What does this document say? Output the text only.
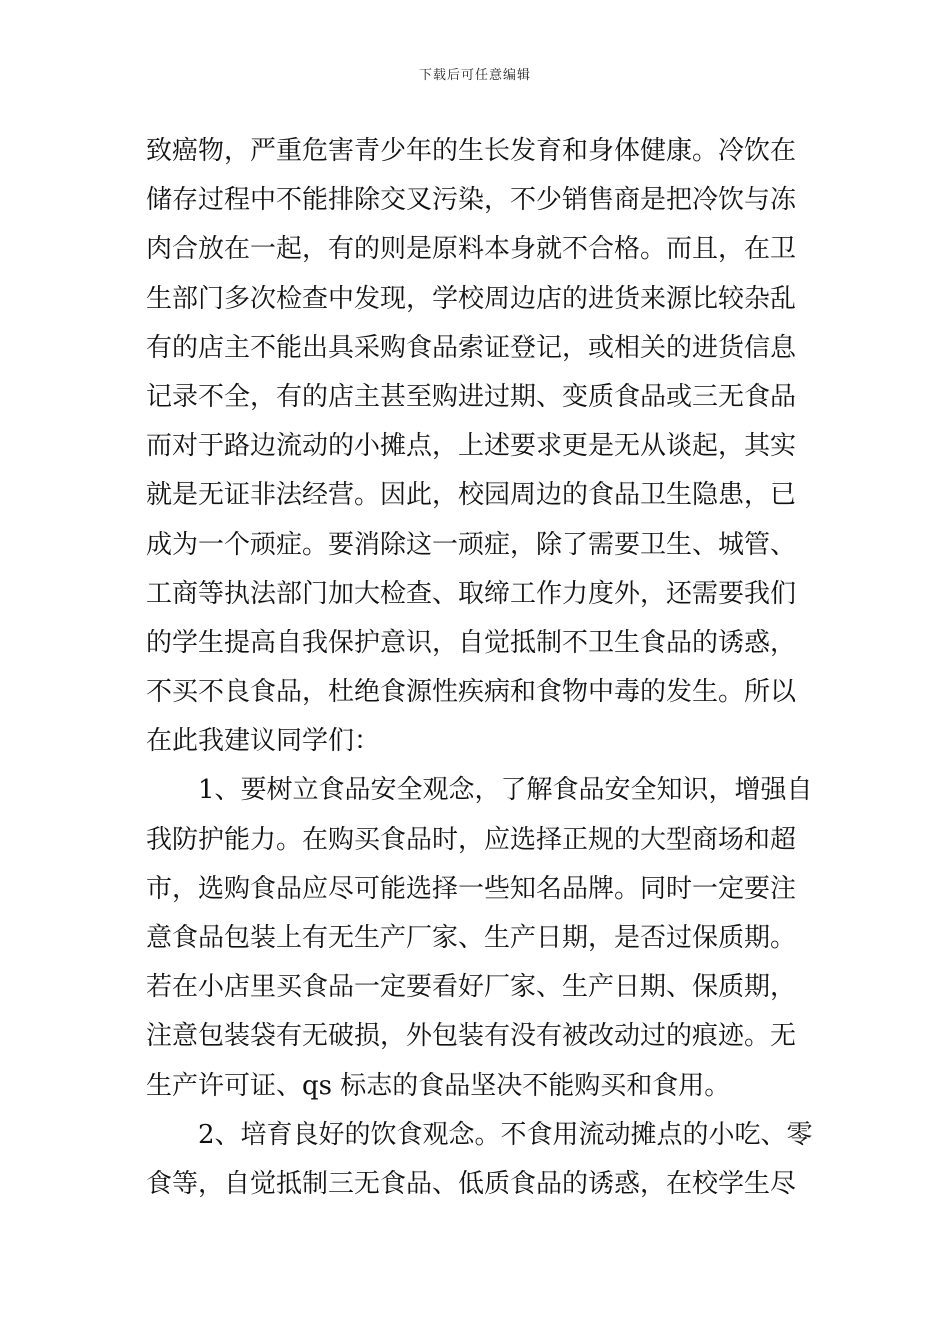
下载后可任意编辑
致癌物，严重危害青少年的生长发育和身体健康。冷饮在
储存过程中不能排除交叉污染，不少销售商是把冷饮与冻
肉合放在一起，有的则是原料本身就不合格。而且，在卫
生部门多次检查中发现，学校周边店的进货来源比较杂乱
有的店主不能出具采购食品索证登记，或相关的进货信息
记录不全，有的店主甚至购进过期、变质食品或三无食品
而对于路边流动的小摊点，上述要求更是无从谈起，其实
就是无证非法经营。因此，校园周边的食品卫生隐患，已
成为一个顽症。要消除这一顽症，除了需要卫生、城管、
工商等执法部门加大检查、取缔工作力度外，还需要我们
的学生提高自我保护意识，自觉抵制不卫生食品的诱惑，
不买不良食品，杜绝食源性疾病和食物中毒的发生。所以
在此我建议同学们：
1、要树立食品安全观念，了解食品安全知识，增强自
我防护能力。在购买食品时，应选择正规的大型商场和超
市，选购食品应尽可能选择一些知名品牌。同时一定要注
意食品包装上有无生产厂家、生产日期，是否过保质期。
若在小店里买食品一定要看好厂家、生产日期、保质期，
注意包装袋有无破损，外包装有没有被改动过的痕迹。无
生产许可证、qs 标志的食品坚决不能购买和食用。
2、培育良好的饮食观念。不食用流动摊点的小吃、零
食等，自觉抵制三无食品、低质食品的诱惑，在校学生尽
